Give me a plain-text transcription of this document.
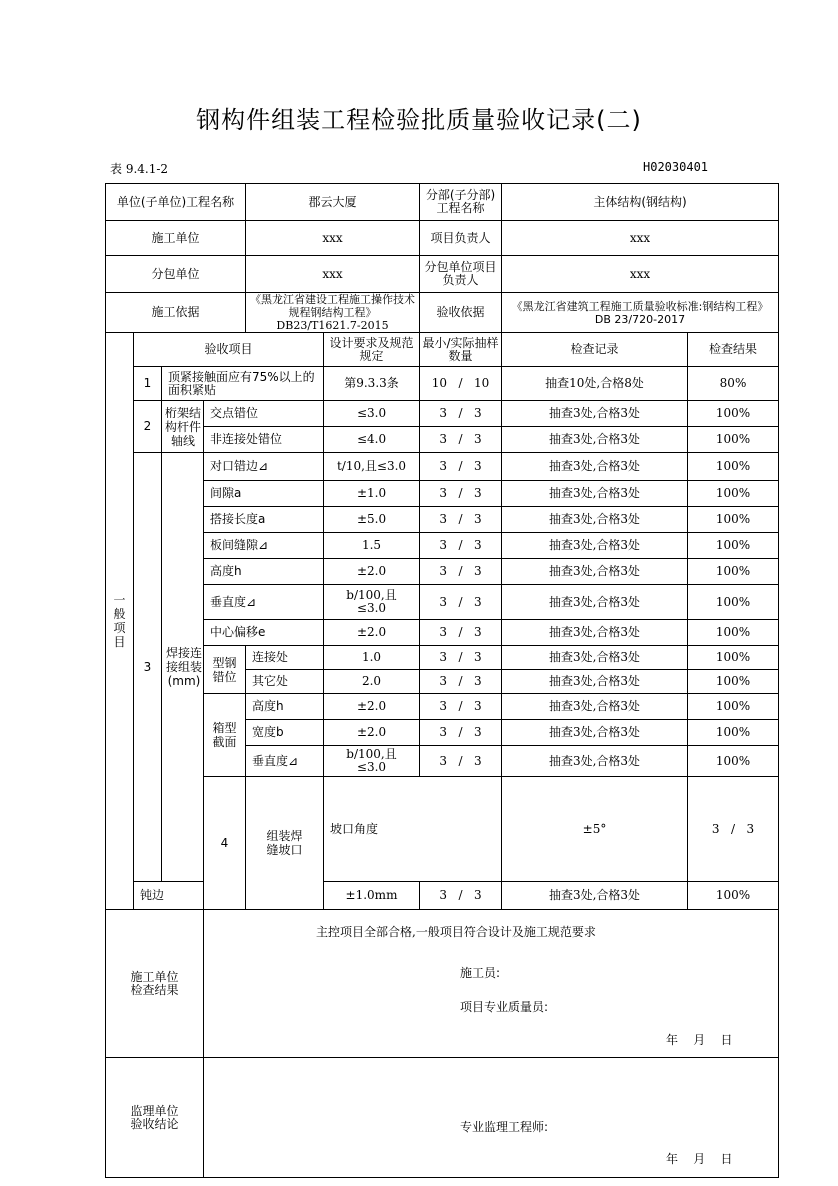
钢构件组装工程检验批质量验收记录(二)
表 9.4.1-2	H02030401
单位(子单位)工程名称				郡云大厦		分部(子分部)工程名称	主体结构(钢结构)		
施工单位				xxx		项目负责人	xxx		
分包单位				xxx		分包单位项目负责人	xxx		
施工依据				《黑龙江省建设工程施工操作技术规程钢结构工程》DB23/T1621.7-2015		验收依据	《黑龙江省建筑工程施工质量验收标准:钢结构工程》DB 23/720-2017		
一般项目	验收项目				设计要求及规范规定	最小/实际抽样数量	检查记录	检查结果	
	1	顶紧接触面应有75%以上的面积紧贴			第9.3.3条	10 / 10	抽查10处,合格8处	80%	
	2	桁架结构杆件轴线	交点错位		≤3.0	3 / 3	抽查3处,合格3处	100%	
			非连接处错位		≤4.0	3 / 3	抽查3处,合格3处	100%	
	3	焊接连接组装(mm)	对口错边⊿		t/10,且≤3.0	3 / 3	抽查3处,合格3处	100%	
			间隙a		±1.0	3 / 3	抽查3处,合格3处	100%	
			搭接长度a		±5.0	3 / 3	抽查3处,合格3处	100%	
			板间缝隙⊿		1.5	3 / 3	抽查3处,合格3处	100%	
			高度h		±2.0	3 / 3	抽查3处,合格3处	100%	
			垂直度⊿		b/100,且≤3.0	3 / 3	抽查3处,合格3处	100%	
			中心偏移e		±2.0	3 / 3	抽查3处,合格3处	100%	
			型钢错位	连接处	1.0	3 / 3	抽查3处,合格3处	100%	
				其它处	2.0	3 / 3	抽查3处,合格3处	100%	
			箱型截面	高度h	±2.0	3 / 3	抽查3处,合格3处	100%	
				宽度b	±2.0	3 / 3	抽查3处,合格3处	100%	
				垂直度⊿	b/100,且≤3.0	3 / 3	抽查3处,合格3处	100%	
			4	组装焊缝坡口	坡口角度		±5°	3 / 3		
	钝边				±1.0mm	3 / 3	抽查3处,合格3处	100%	
施工单位检查结果			主控项目全部合格,一般项目符合设计及施工规范要求
施工员:
项目专业质量员:
年    月    日						

监理单位验收结论			专业监理工程师:
年    月    日						
